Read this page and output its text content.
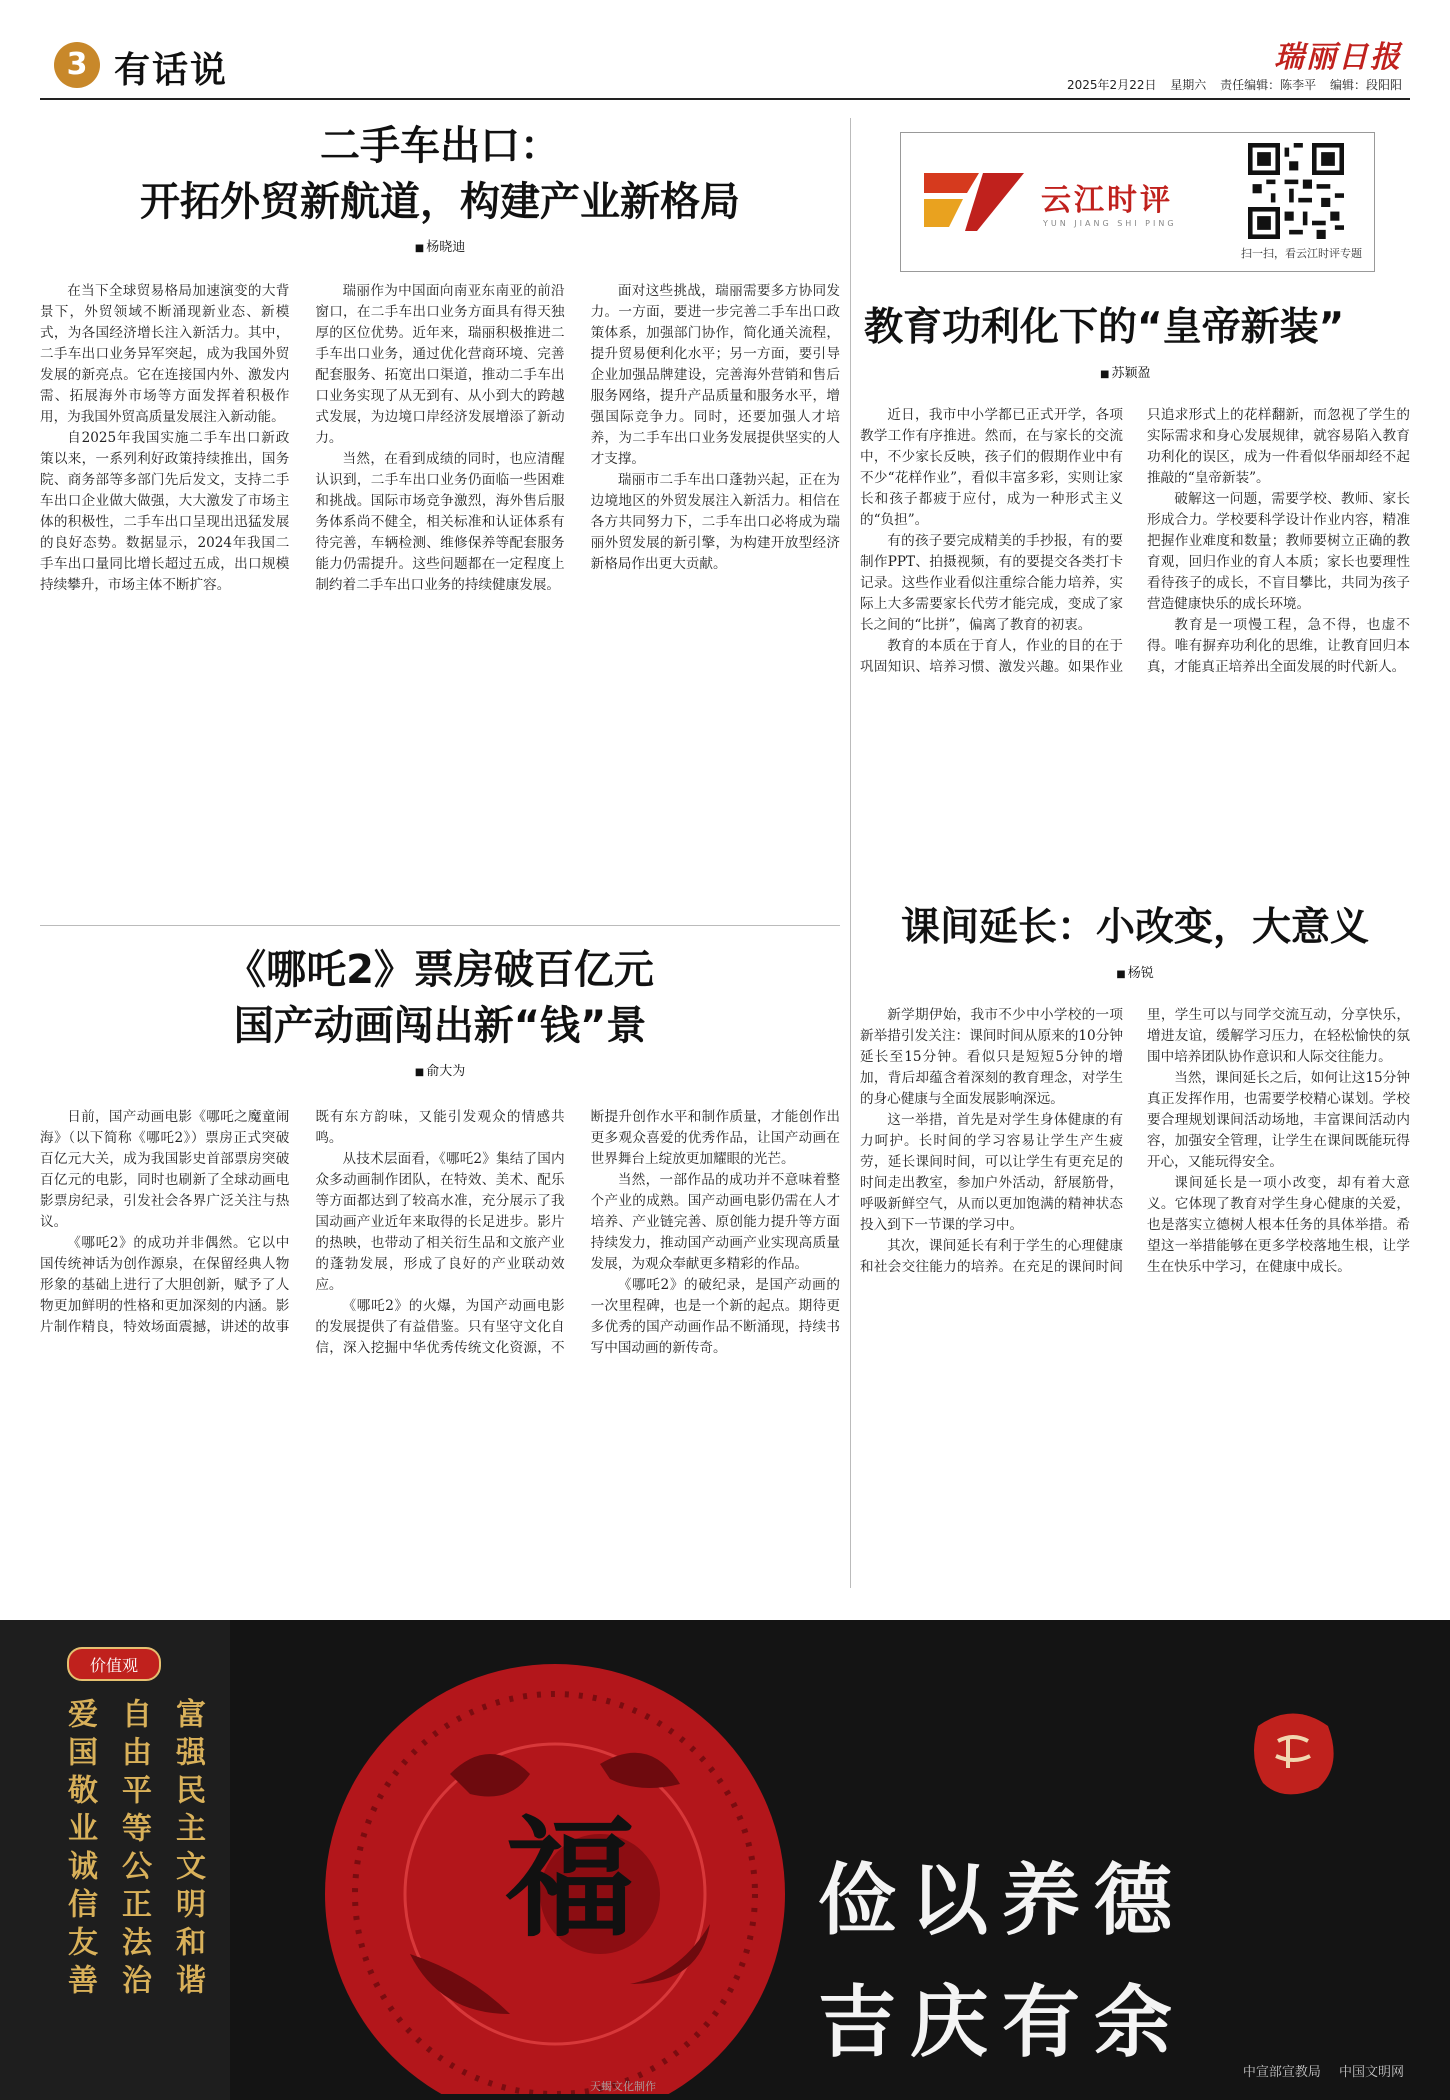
3 有话说	瑞丽日报
2025年2月22日 星期六 责任编辑：陈李平 编辑：段阳阳
二手车出口：
开拓外贸新航道，构建产业新格局
■ 杨晓迪

在当下全球贸易格局加速演变的大背景下，外贸领域不断涌现新业态、新模式，为各国经济增长注入新活力。其中，二手车出口业务异军突起，成为我国外贸发展的新亮点。它在连接国内外、激发内需、拓展海外市场等方面发挥着积极作用，为我国外贸高质量发展注入新动能。

自2025年我国实施二手车出口新政策以来，一系列利好政策持续推出，国务院、商务部等多部门先后发文，支持二手车出口企业做大做强，大大激发了市场主体的积极性，二手车出口呈现出迅猛发展的良好态势。数据显示，2024年我国二手车出口量同比增长超过五成，出口规模持续攀升，市场主体不断扩容。

瑞丽作为中国面向南亚东南亚的前沿窗口，在二手车出口业务方面具有得天独厚的区位优势。近年来，瑞丽积极推进二手车出口业务，通过优化营商环境、完善配套服务、拓宽出口渠道，推动二手车出口业务实现了从无到有、从小到大的跨越式发展，为边境口岸经济发展增添了新动力。

当然，在看到成绩的同时，也应清醒认识到，二手车出口业务仍面临一些困难和挑战。国际市场竞争激烈，海外售后服务体系尚不健全，相关标准和认证体系有待完善，车辆检测、维修保养等配套服务能力仍需提升。这些问题都在一定程度上制约着二手车出口业务的持续健康发展。

面对这些挑战，瑞丽需要多方协同发力。一方面，要进一步完善二手车出口政策体系，加强部门协作，简化通关流程，提升贸易便利化水平；另一方面，要引导企业加强品牌建设，完善海外营销和售后服务网络，提升产品质量和服务水平，增强国际竞争力。同时，还要加强人才培养，为二手车出口业务发展提供坚实的人才支撑。

瑞丽市二手车出口蓬勃兴起，正在为边境地区的外贸发展注入新活力。相信在各方共同努力下，二手车出口必将成为瑞丽外贸发展的新引擎，为构建开放型经济新格局作出更大贡献。

《哪吒2》票房破百亿元
国产动画闯出新“钱”景
■ 俞大为

日前，国产动画电影《哪吒之魔童闹海》（以下简称《哪吒2》）票房正式突破百亿元大关，成为我国影史首部票房突破百亿元的电影，同时也刷新了全球动画电影票房纪录，引发社会各界广泛关注与热议。

《哪吒2》的成功并非偶然。它以中国传统神话为创作源泉，在保留经典人物形象的基础上进行了大胆创新，赋予了人物更加鲜明的性格和更加深刻的内涵。影片制作精良，特效场面震撼，讲述的故事既有东方韵味，又能引发观众的情感共鸣。

从技术层面看，《哪吒2》集结了国内众多动画制作团队，在特效、美术、配乐等方面都达到了较高水准，充分展示了我国动画产业近年来取得的长足进步。影片的热映，也带动了相关衍生品和文旅产业的蓬勃发展，形成了良好的产业联动效应。

《哪吒2》的火爆，为国产动画电影的发展提供了有益借鉴。只有坚守文化自信，深入挖掘中华优秀传统文化资源，不断提升创作水平和制作质量，才能创作出更多观众喜爱的优秀作品，让国产动画在世界舞台上绽放更加耀眼的光芒。

当然，一部作品的成功并不意味着整个产业的成熟。国产动画电影仍需在人才培养、产业链完善、原创能力提升等方面持续发力，推动国产动画产业实现高质量发展，为观众奉献更多精彩的作品。

《哪吒2》的破纪录，是国产动画的一次里程碑，也是一个新的起点。期待更多优秀的国产动画作品不断涌现，持续书写中国动画的新传奇。

云江时评
YUN JIANG SHI PING
扫一扫，看云江时评专题
教育功利化下的“皇帝新装”
■ 苏颖盈

近日，我市中小学都已正式开学，各项教学工作有序推进。然而，在与家长的交流中，不少家长反映，孩子们的假期作业中有不少“花样作业”，看似丰富多彩，实则让家长和孩子都疲于应付，成为一种形式主义的“负担”。

有的孩子要完成精美的手抄报，有的要制作PPT、拍摄视频，有的要提交各类打卡记录。这些作业看似注重综合能力培养，实际上大多需要家长代劳才能完成，变成了家长之间的“比拼”，偏离了教育的初衷。

教育的本质在于育人，作业的目的在于巩固知识、培养习惯、激发兴趣。如果作业只追求形式上的花样翻新，而忽视了学生的实际需求和身心发展规律，就容易陷入教育功利化的误区，成为一件看似华丽却经不起推敲的“皇帝新装”。

破解这一问题，需要学校、教师、家长形成合力。学校要科学设计作业内容，精准把握作业难度和数量；教师要树立正确的教育观，回归作业的育人本质；家长也要理性看待孩子的成长，不盲目攀比，共同为孩子营造健康快乐的成长环境。

教育是一项慢工程，急不得，也虚不得。唯有摒弃功利化的思维，让教育回归本真，才能真正培养出全面发展的时代新人。

课间延长：小改变，大意义
■ 杨锐

新学期伊始，我市不少中小学校的一项新举措引发关注：课间时间从原来的10分钟延长至15分钟。看似只是短短5分钟的增加，背后却蕴含着深刻的教育理念，对学生的身心健康与全面发展影响深远。

这一举措，首先是对学生身体健康的有力呵护。长时间的学习容易让学生产生疲劳，延长课间时间，可以让学生有更充足的时间走出教室，参加户外活动，舒展筋骨，呼吸新鲜空气，从而以更加饱满的精神状态投入到下一节课的学习中。

其次，课间延长有利于学生的心理健康和社会交往能力的培养。在充足的课间时间里，学生可以与同学交流互动，分享快乐，增进友谊，缓解学习压力，在轻松愉快的氛围中培养团队协作意识和人际交往能力。

当然，课间延长之后，如何让这15分钟真正发挥作用，也需要学校精心谋划。学校要合理规划课间活动场地，丰富课间活动内容，加强安全管理，让学生在课间既能玩得开心，又能玩得安全。

课间延长是一项小改变，却有着大意义。它体现了教育对学生身心健康的关爱，也是落实立德树人根本任务的具体举措。希望这一举措能够在更多学校落地生根，让学生在快乐中学习，在健康中成长。

价值观
富强民主文明和谐
自由平等公正法治
爱国敬业诚信友善	福 俭以养德
吉庆有余
天蝎文化制作
中宣部宣教局 中国文明网
